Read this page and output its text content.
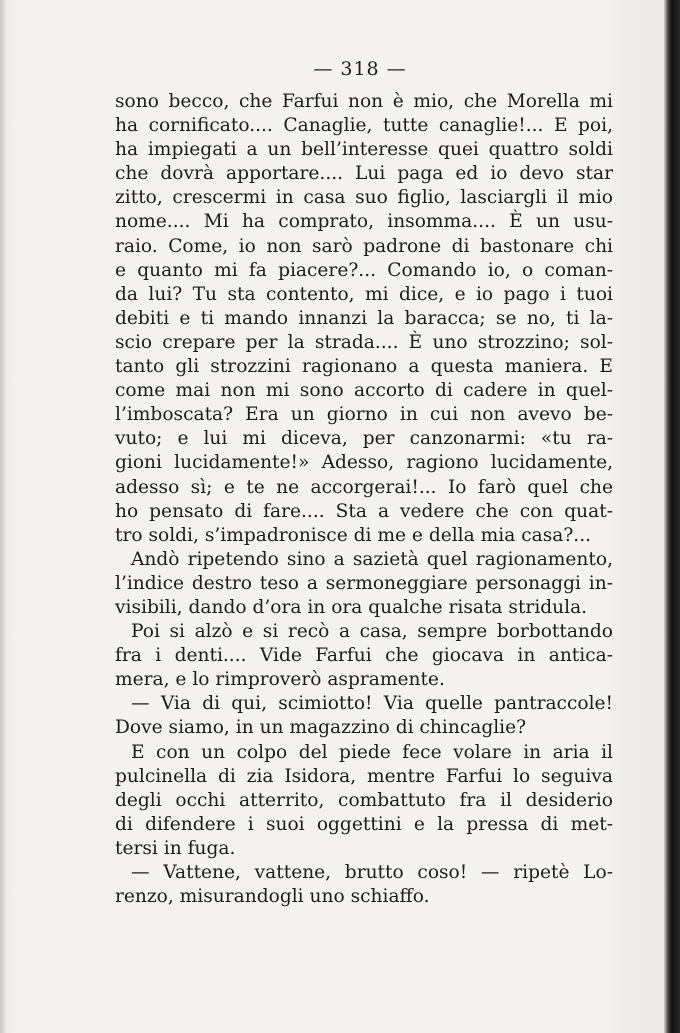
— 318 —
sono becco, che Farfui non è mio, che Morella mi
ha cornificato.... Canaglie, tutte canaglie!... E poi,
ha impiegati a un bell’interesse quei quattro soldi
che dovrà apportare.... Lui paga ed io devo star
zitto, crescermi in casa suo figlio, lasciargli il mio
nome.... Mi ha comprato, insomma.... È un usu-
raio. Come, io non sarò padrone di bastonare chi
e quanto mi fa piacere?... Comando io, o coman-
da lui? Tu sta contento, mi dice, e io pago i tuoi
debiti e ti mando innanzi la baracca; se no, ti la-
scio crepare per la strada.... È uno strozzino; sol-
tanto gli strozzini ragionano a questa maniera. E
come mai non mi sono accorto di cadere in quel-
l’imboscata? Era un giorno in cui non avevo be-
vuto; e lui mi diceva, per canzonarmi: «tu ra-
gioni lucidamente!» Adesso, ragiono lucidamente,
adesso sì; e te ne accorgerai!... Io farò quel che
ho pensato di fare.... Sta a vedere che con quat-
tro soldi, s’impadronisce di me e della mia casa?...
Andò ripetendo sino a sazietà quel ragionamento,
l’indice destro teso a sermoneggiare personaggi in-
visibili, dando d’ora in ora qualche risata stridula.
Poi si alzò e si recò a casa, sempre borbottando
fra i denti.... Vide Farfui che giocava in antica-
mera, e lo rimproverò aspramente.
— Via di qui, scimiotto! Via quelle pantraccole!
Dove siamo, in un magazzino di chincaglie?
E con un colpo del piede fece volare in aria il
pulcinella di zia Isidora, mentre Farfui lo seguiva
degli occhi atterrito, combattuto fra il desiderio
di difendere i suoi oggettini e la pressa di met-
tersi in fuga.
— Vattene, vattene, brutto coso! — ripetè Lo-
renzo, misurandogli uno schiaffo.
